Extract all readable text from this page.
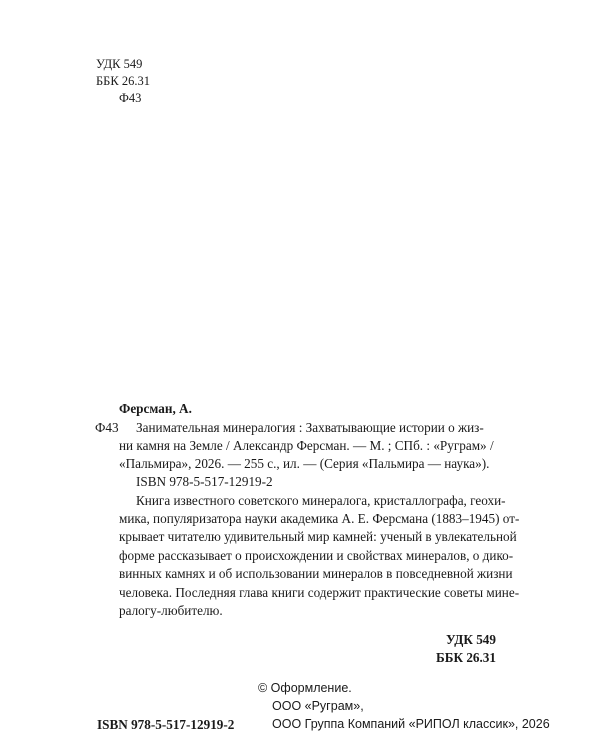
УДК 549
ББК 26.31
Ф43
Ферсман, А.
Ф43 Занимательная минералогия : Захватывающие истории о жиз-
ни камня на Земле / Александр Ферсман. — М. ; СПб. : «Руграм» /
«Пальмира», 2026. — 255 с., ил. — (Серия «Пальмира — наука»).
ISBN 978-5-517-12919-2
Книга известного советского минералога, кристаллографа, геохи-
мика, популяризатора науки академика А. Е. Ферсмана (1883–1945) от-
крывает читателю удивительный мир камней: ученый в увлекательной
форме рассказывает о происхождении и свойствах минералов, о дико-
винных камнях и об использовании минералов в повседневной жизни
человека. Последняя глава книги содержит практические советы мине-
ралогу-любителю.
УДК 549
ББК 26.31
© Оформление.
ООО «Руграм»,
ООО Группа Компаний «РИПОЛ классик», 2026
ISBN 978-5-517-12919-2
